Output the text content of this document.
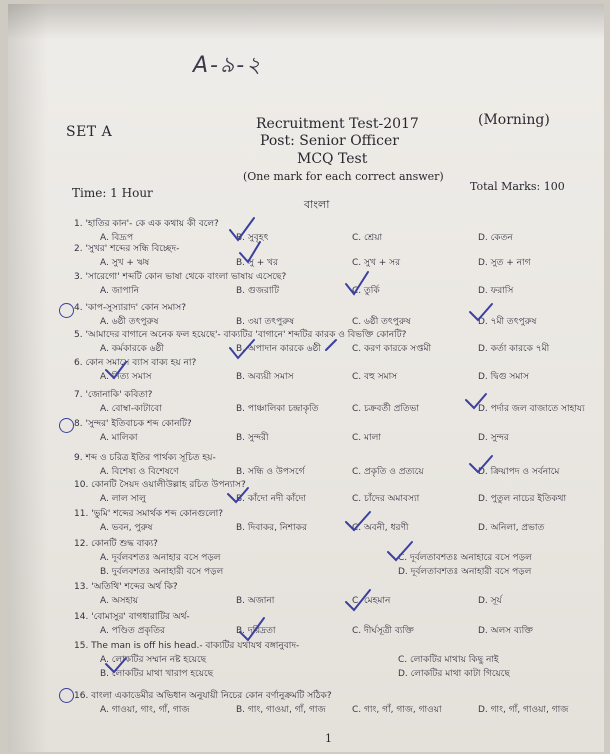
A-৯-২
SET A	Recruitment Test-2017	(Morning)
Post: Senior Officer
MCQ Test
(One mark for each correct answer)
Time: 1 Hour	Total Marks: 100
বাংলা
1. 'হাতির কান'- কে এক কথায় কী বলে?
A. বিদ্রূপ	B. সুবৃহৎ	C. শ্রেয়া	D. কেতন
2. 'সুখর' শব্দের সন্ধি বিচ্ছেদ-
A. সুখ + ঋষ	B. সু + খর	C. সুখ + সর	D. সুত + নাগ
3. 'সারেগো' শব্দটি কোন ভাষা থেকে বাংলা ভাষায় এসেছে?
A. জাপানি	B. গুজরাটি	C. তুর্কি	D. ফরাসি
4. 'কাপ-সুস্যারাদ' কোন সমাস?
A. ৬ষ্ঠী তৎপুরুষ	B. ৩য়া তৎপুরুষ	C. ৬ষ্ঠী তৎপুরুষ	D. ৭মী তৎপুরুষ
5. 'আমাদের বাগানে অনেক ফল হয়েছে'- বাক্যটির 'বাগানে' শব্দটির কারক ও বিভক্তি কোনটি?
A. কর্মকারকে ৬ষ্ঠী	B. অপাদান কারকে ৬ষ্ঠী	C. করণ কারকে সপ্তমী	D. কর্তা কারকে ৭মী
6. কোন সমাসে ব্যাস বাক্য হয় না?
A. নিত্য সমাস	B. অব্যয়ী সমাস	C. বহু সমাস	D. দ্বিগু সমাস
7. 'জোনাকি' কবিতা?
A. বোম্বা-কাটাবো	B. পাঞ্চালিকা চন্দ্রাকৃতি	C. চক্রবর্তী প্রতিভা	D. পর্দার জল বাজাতে সাহায্য
8. 'সুন্দর' ইতিবাচক শব্দ কোনটি?
A. মালিকা	B. সুন্দরী	C. মালা	D. সুন্দর
9. শব্দ ও চরিত্র ইতির পার্থক্য সূচিত হয়-
A. বিশেষ্য ও বিশেষণে	B. সন্ধি ও উপসর্গে	C. প্রকৃতি ও প্রত্যয়ে	D. ক্রিয়াপদ ও সর্বনামে
10. কোনটি সৈয়দ ওয়ালীউল্লাহ রচিত উপন্যাস?
A. লাল সালু	B. কাঁদো নদী কাঁদো	C. চাঁদের অমাবস্যা	D. পুতুল নাচের ইতিকথা
11. 'ভুমি' শব্দের সমার্থক শব্দ কোনগুলো?
A. ভবন, পুরুষ	B. দিবাকর, নিশাকর	C. অবনী, ধরণী	D. অনিলা, প্রভাত
12. কোনটি শুদ্ধ বাক্য?
A. দূর্বলবশতঃ অনাহার বসে পড়ল
B. দুর্বলবশতঃ অনাহারী বসে পড়ল
C. দূর্বলতাবশতঃ অনাহারে বসে পড়ল
D. দূর্বলতাবশতঃ অনাহারী বসে পড়ল
13. 'অতিথি' শব্দের অর্থ কি?
A. অসহায়	B. অজানা	C. মেহমান	D. সূর্য
14. 'বোমাসুর' বাগধারাটির অর্থ-
A. পণ্ডিত প্রকৃতির	B. দরিদ্রতা	C. দীর্ঘসূত্রী ব্যক্তি	D. অলস ব্যক্তি
15. The man is off his head.- বাক্যটির যথাযথ বঙ্গানুবাদ-
A. লোকটির সম্মান নষ্ট হয়েছে
B. লোকটির মাথা খারাপ হয়েছে
C. লোকটির মাথায় কিছু নাই
D. লোকটির মাথা কাটা গিয়েছে
16. বাংলা একাডেমীর অভিধান অনুযায়ী নিচের কোন বর্ণানুক্রমটি সঠিক?
A. গাওয়া, গাং, গাঁ, গাজ	B. গাং, গাওয়া, গাঁ, গাজ	C. গাং, গাঁ, গাজ, গাওয়া	D. গাং, গাঁ, গাওয়া, গাজ
1
